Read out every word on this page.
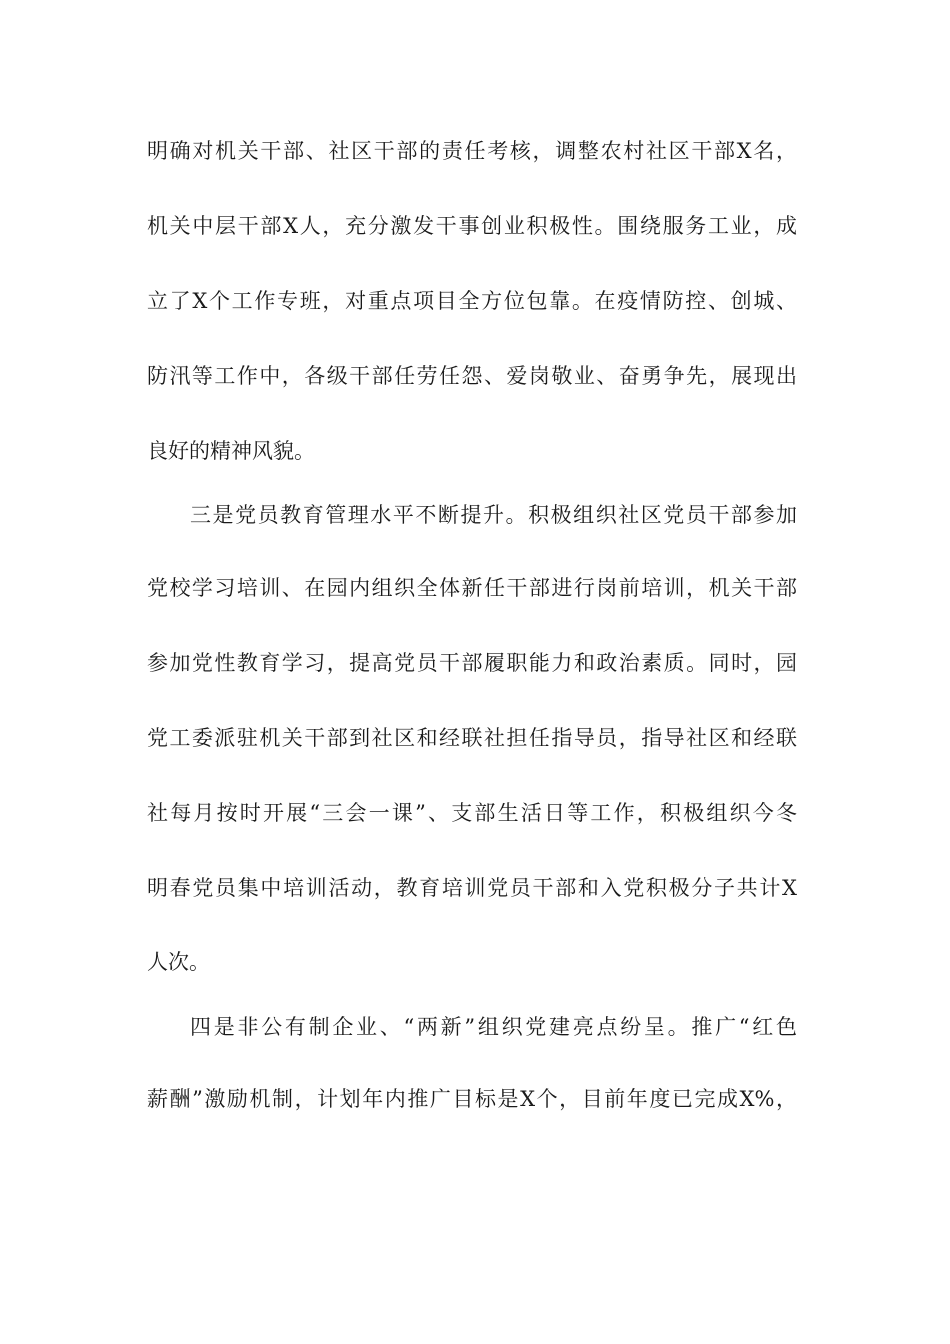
明确对机关干部、社区干部的责任考核，调整农村社区干部X名，
机关中层干部X人，充分激发干事创业积极性。围绕服务工业，成
立了X个工作专班，对重点项目全方位包靠。在疫情防控、创城、
防汛等工作中，各级干部任劳任怨、爱岗敬业、奋勇争先，展现出
良好的精神风貌。
三是党员教育管理水平不断提升。积极组织社区党员干部参加
党校学习培训、在园内组织全体新任干部进行岗前培训，机关干部
参加党性教育学习，提高党员干部履职能力和政治素质。同时，园
党工委派驻机关干部到社区和经联社担任指导员，指导社区和经联
社每月按时开展“三会一课”、支部生活日等工作，积极组织今冬
明春党员集中培训活动，教育培训党员干部和入党积极分子共计X
人次。
四是非公有制企业、“两新”组织党建亮点纷呈。推广“红色
薪酬”激励机制，计划年内推广目标是X个，目前年度已完成X%，
